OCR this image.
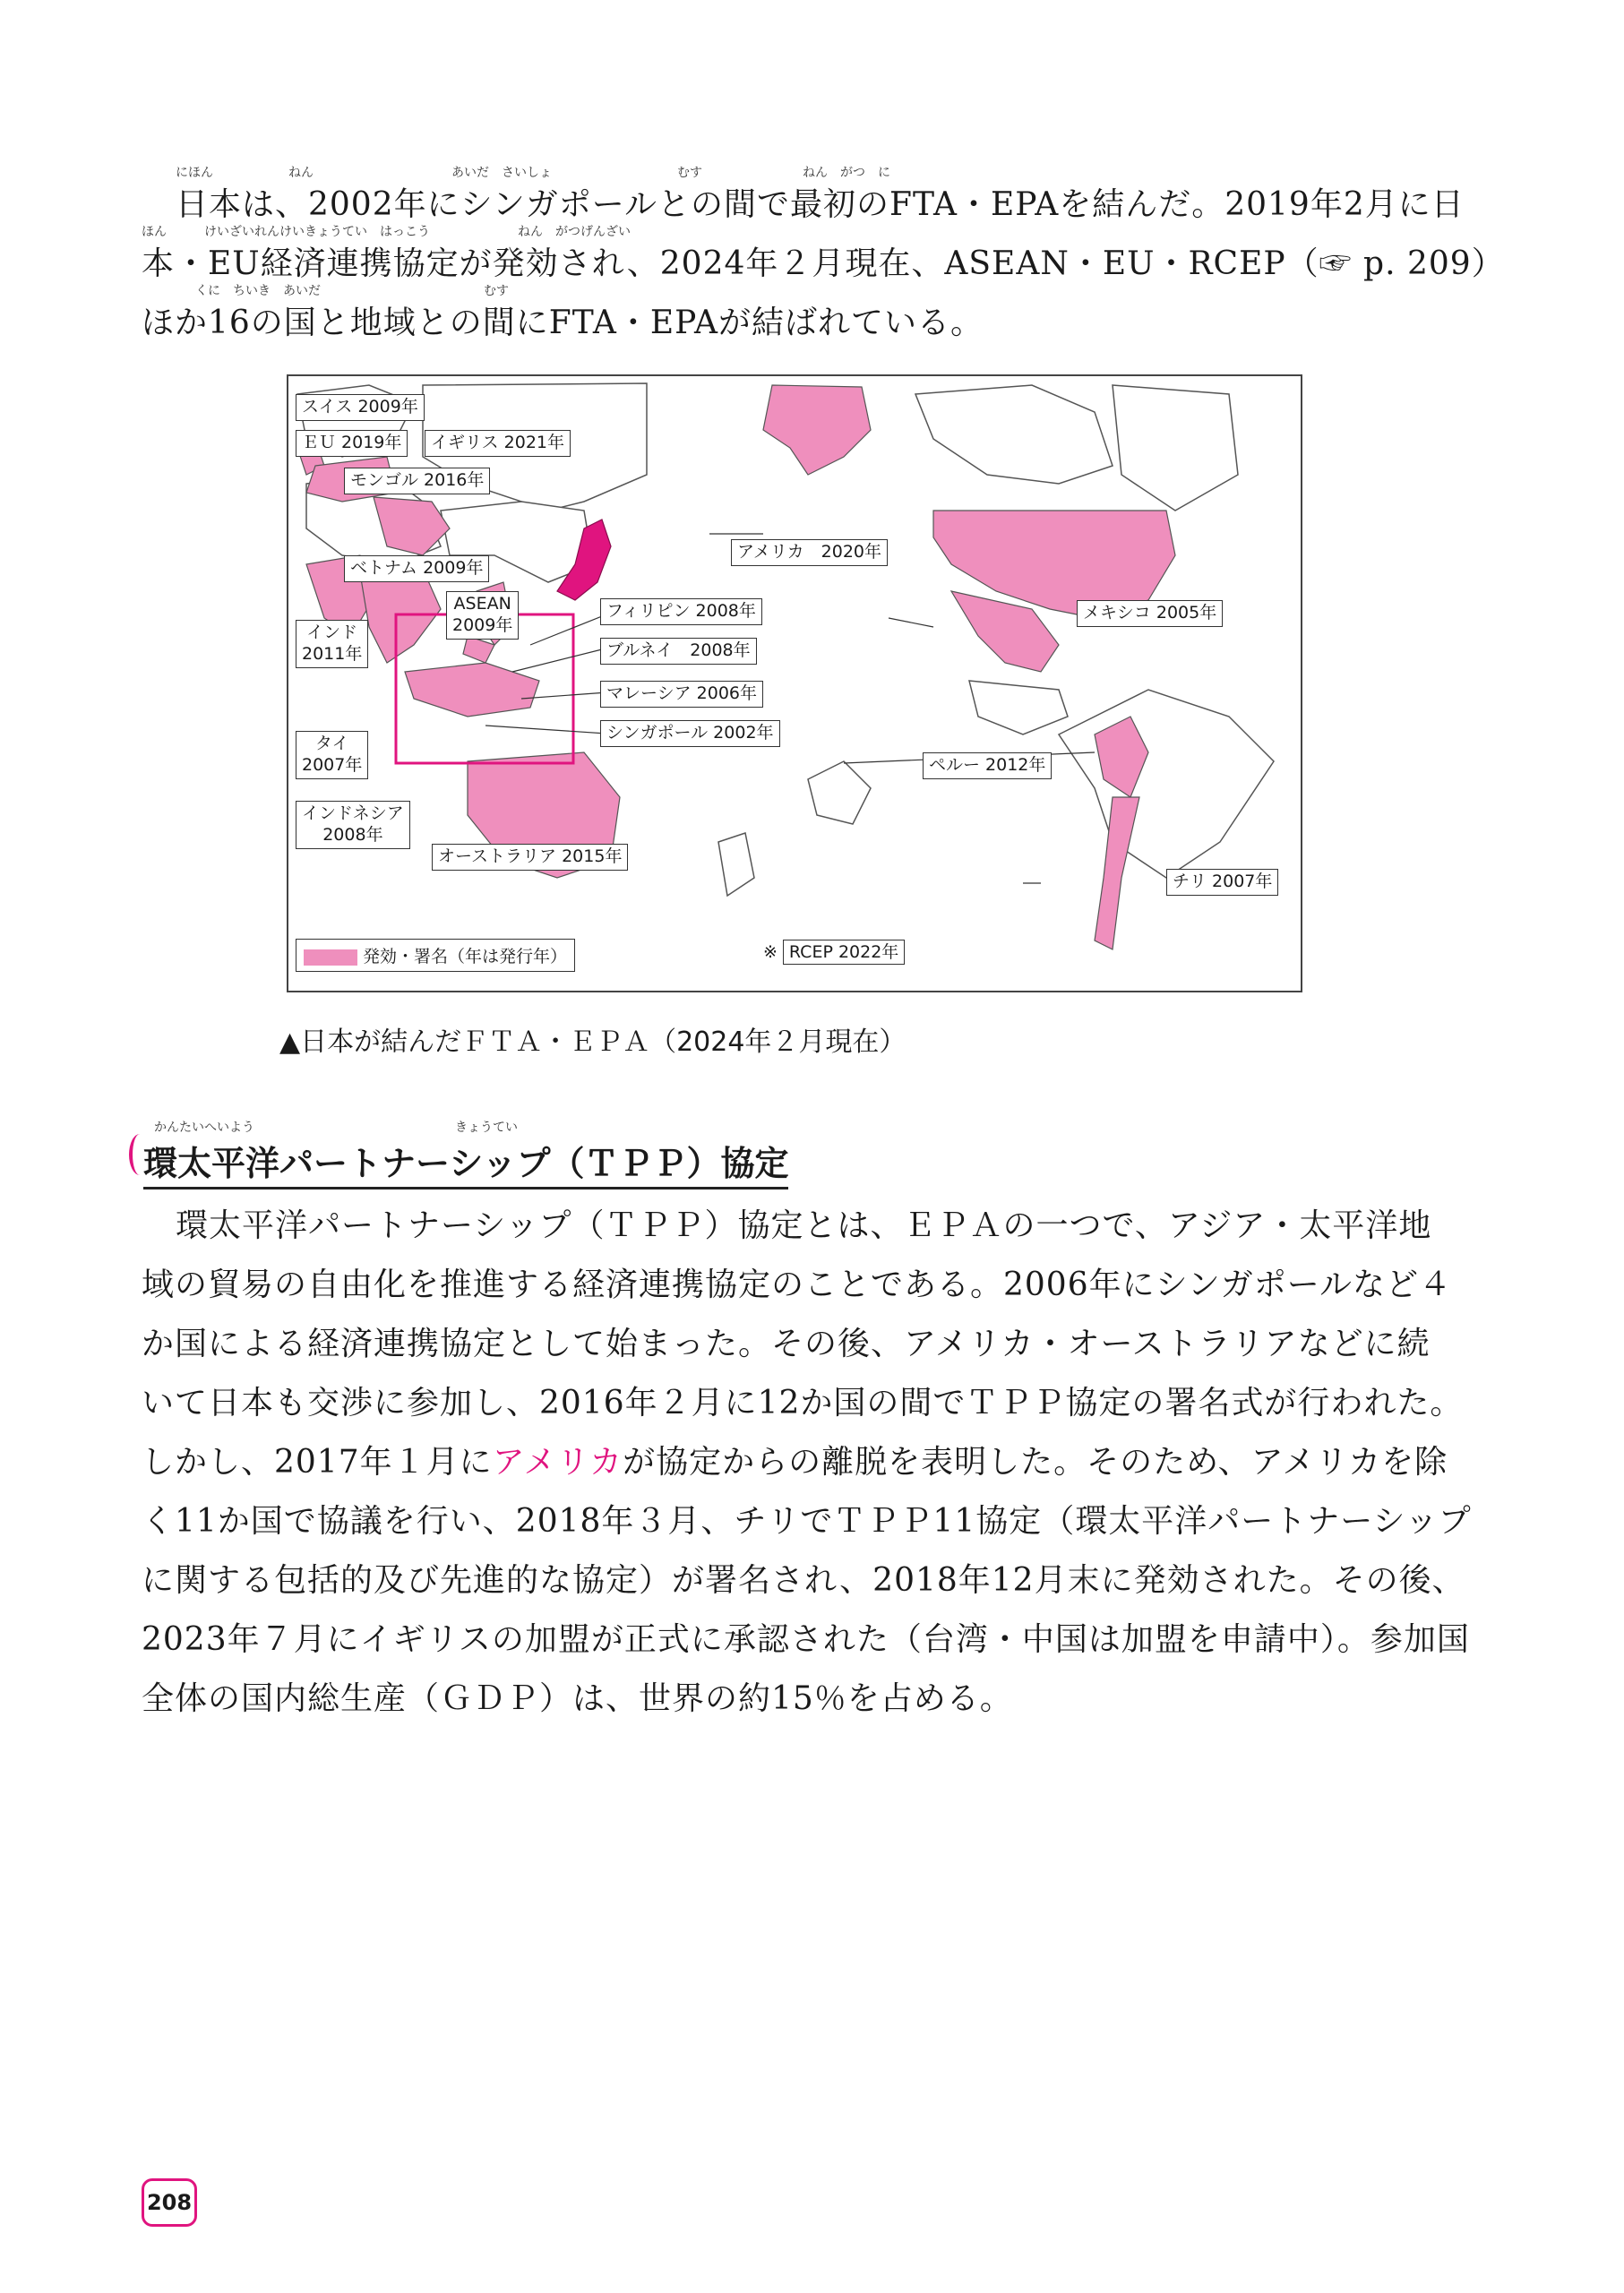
にほん　　　　　　ねん　　　　　　　　　　　あいだ　さいしょ　　　　　　　　　　むす　　　　　　　　ねん　がつ　に
日本は、2002年にシンガポールとの間で最初のFTA・EPAを結んだ。2019年2月に日
ほん　　　けいざいれんけいきょうてい　はっこう　　　　　　　ねん　がつげんざい
本・EU経済連携協定が発効され、2024年２月現在、ASEAN・EU・RCEP（☞ p. 209）
くに　ちいき　あいだ　　　　　　　　　　　　　むす
ほか16の国と地域との間にFTA・EPAが結ばれている。
スイス 2009年
ＥＵ 2019年	イギリス 2021年
モンゴル 2016年
ベトナム 2009年
ASEAN
2009年
インド
2011年
タイ
2007年
インドネシア
2008年
フィリピン 2008年
ブルネイ　2008年
マレーシア 2006年
シンガポール 2002年
オーストラリア 2015年
アメリカ　2020年
メキシコ 2005年
ペルー 2012年
チリ 2007年
発効・署名（年は発行年）	※ RCEP 2022年
▲日本が結んだＦＴＡ・ＥＰＡ（2024年２月現在）
かんたいへいよう　　　　　　　　　　　　　　　　きょうてい
環太平洋パートナーシップ（ＴＰＰ）協定
環太平洋パートナーシップ（ＴＰＰ）協定とは、ＥＰＡの一つで、アジア・太平洋地
域の貿易の自由化を推進する経済連携協定のことである。2006年にシンガポールなど４
か国による経済連携協定として始まった。その後、アメリカ・オーストラリアなどに続
いて日本も交渉に参加し、2016年２月に12か国の間でＴＰＰ協定の署名式が行われた。
しかし、2017年１月にアメリカが協定からの離脱を表明した。そのため、アメリカを除
く11か国で協議を行い、2018年３月、チリでＴＰＰ11協定（環太平洋パートナーシップ
に関する包括的及び先進的な協定）が署名され、2018年12月末に発効された。その後、
2023年７月にイギリスの加盟が正式に承認された（台湾・中国は加盟を申請中）。参加国
全体の国内総生産（ＧＤＰ）は、世界の約15％を占める。
208
